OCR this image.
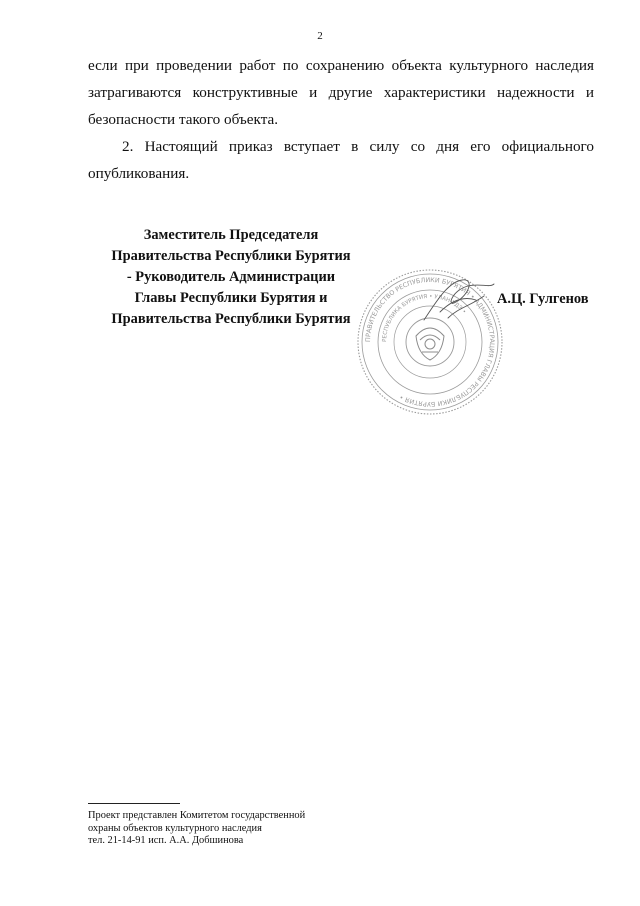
2

если при проведении работ по сохранению объекта культурного наследия затрагиваются конструктивные и другие характеристики надежности и безопасности такого объекта.

2. Настоящий приказ вступает в силу со дня его официального опубликования.

Заместитель Председателя
Правительства Республики Бурятия
- Руководитель Администрации
Главы Республики Бурятия и
Правительства Республики Бурятия
ПРАВИТЕЛЬСТВО РЕСПУБЛИКИ БУРЯТИЯ • АДМИНИСТРАЦИЯ ГЛАВЫ РЕСПУБЛИКИ БУРЯТИЯ •
РЕСПУБЛИКА БУРЯТИЯ • УЛАН-УДЭ •
А.Ц. Гулгенов
Проект представлен Комитетом государственной
охраны объектов культурного наследия
тел. 21-14-91 исп. А.А. Добшинова
